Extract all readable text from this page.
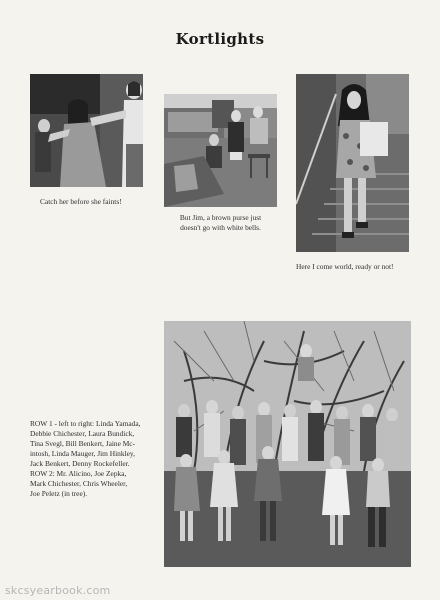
Kortlights
Catch her before she faints!
But Jim, a brown purse just
doesn't go with white bells.
Here I come world, ready or not!
ROW 1 - left to right: Linda Yamada,
Debbie Chichester, Laura Bundick,
Tina Svegl, Bill Benkert, Jaine Mc-
intosh, Linda Mauger, Jim Hinkley,
Jack Benkert, Denny Rockefeller.
ROW 2: Mr. Alicino, Joe Zepka,
Mark Chichester, Chris Wheeler,
Joe Peletz (in tree).
skcsyearbook.com
